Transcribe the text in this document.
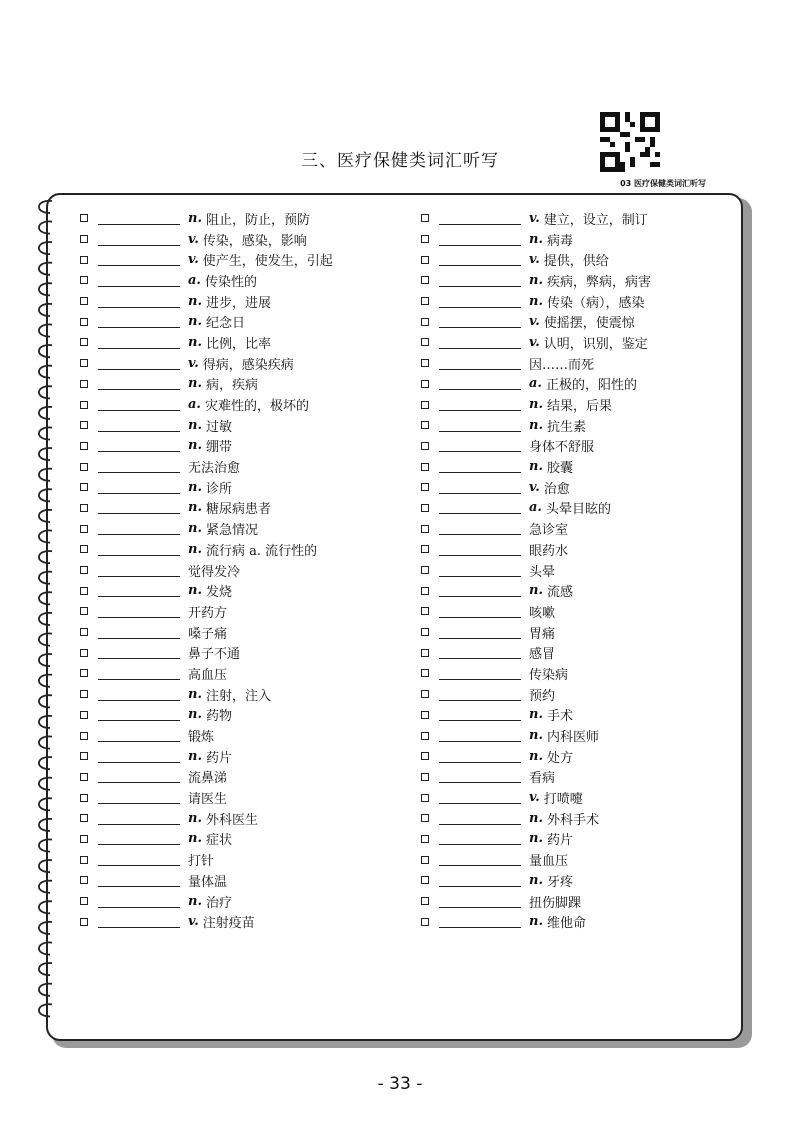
三、医疗保健类词汇听写
03 医疗保健类词汇听写
n. 阻止，防止，预防
v. 传染，感染，影响
v. 使产生，使发生，引起
a. 传染性的
n. 进步，进展
n. 纪念日
n. 比例，比率
v. 得病，感染疾病
n. 病，疾病
a. 灾难性的，极坏的
n. 过敏
n. 绷带
无法治愈
n. 诊所
n. 糖尿病患者
n. 紧急情况
n. 流行病 a. 流行性的
觉得发冷
n. 发烧
开药方
嗓子痛
鼻子不通
高血压
n. 注射，注入
n. 药物
锻炼
n. 药片
流鼻涕
请医生
n. 外科医生
n. 症状
打针
量体温
n. 治疗
v. 注射疫苗
v. 建立，设立，制订
n. 病毒
v. 提供，供给
n. 疾病，弊病，病害
n. 传染（病），感染
v. 使摇摆，使震惊
v. 认明，识别，鉴定
因……而死
a. 正极的，阳性的
n. 结果，后果
n. 抗生素
身体不舒服
n. 胶囊
v. 治愈
a. 头晕目眩的
急诊室
眼药水
头晕
n. 流感
咳嗽
胃痛
感冒
传染病
预约
n. 手术
n. 内科医师
n. 处方
看病
v. 打喷嚏
n. 外科手术
n. 药片
量血压
n. 牙疼
扭伤脚踝
n. 维他命
- 33 -
